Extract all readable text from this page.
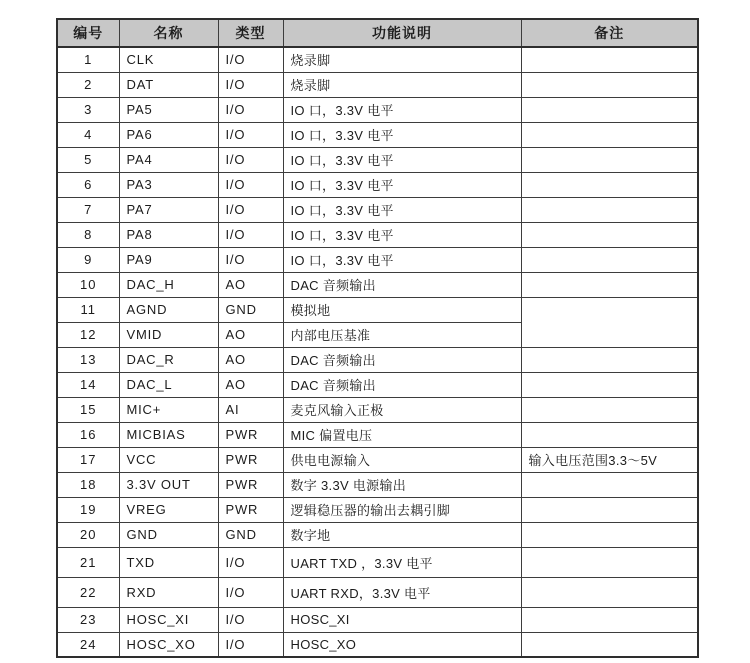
编号	名称	类型	功能说明	备注
1	CLK	I/O	烧录脚	
2	DAT	I/O	烧录脚	
3	PA5	I/O	IO 口，3.3V 电平	
4	PA6	I/O	IO 口，3.3V 电平	
5	PA4	I/O	IO 口，3.3V 电平	
6	PA3	I/O	IO 口，3.3V 电平	
7	PA7	I/O	IO 口，3.3V 电平	
8	PA8	I/O	IO 口，3.3V 电平	
9	PA9	I/O	IO 口，3.3V 电平	
10	DAC_H	AO	DAC 音频输出	
11	AGND	GND	模拟地	
12	VMID	AO	内部电压基准	
13	DAC_R	AO	DAC 音频输出	
14	DAC_L	AO	DAC 音频输出	
15	MIC+	AI	麦克风输入正极	
16	MICBIAS	PWR	MIC 偏置电压	
17	VCC	PWR	供电电源输入	输入电压范围3.3～5V
18	3.3V OUT	PWR	数字 3.3V 电源输出	
19	VREG	PWR	逻辑稳压器的输出去耦引脚	
20	GND	GND	数字地	
21	TXD	I/O	UART TXD ，3.3V 电平	
22	RXD	I/O	UART RXD，3.3V 电平	
23	HOSC_XI	I/O	HOSC_XI	
24	HOSC_XO	I/O	HOSC_XO	
